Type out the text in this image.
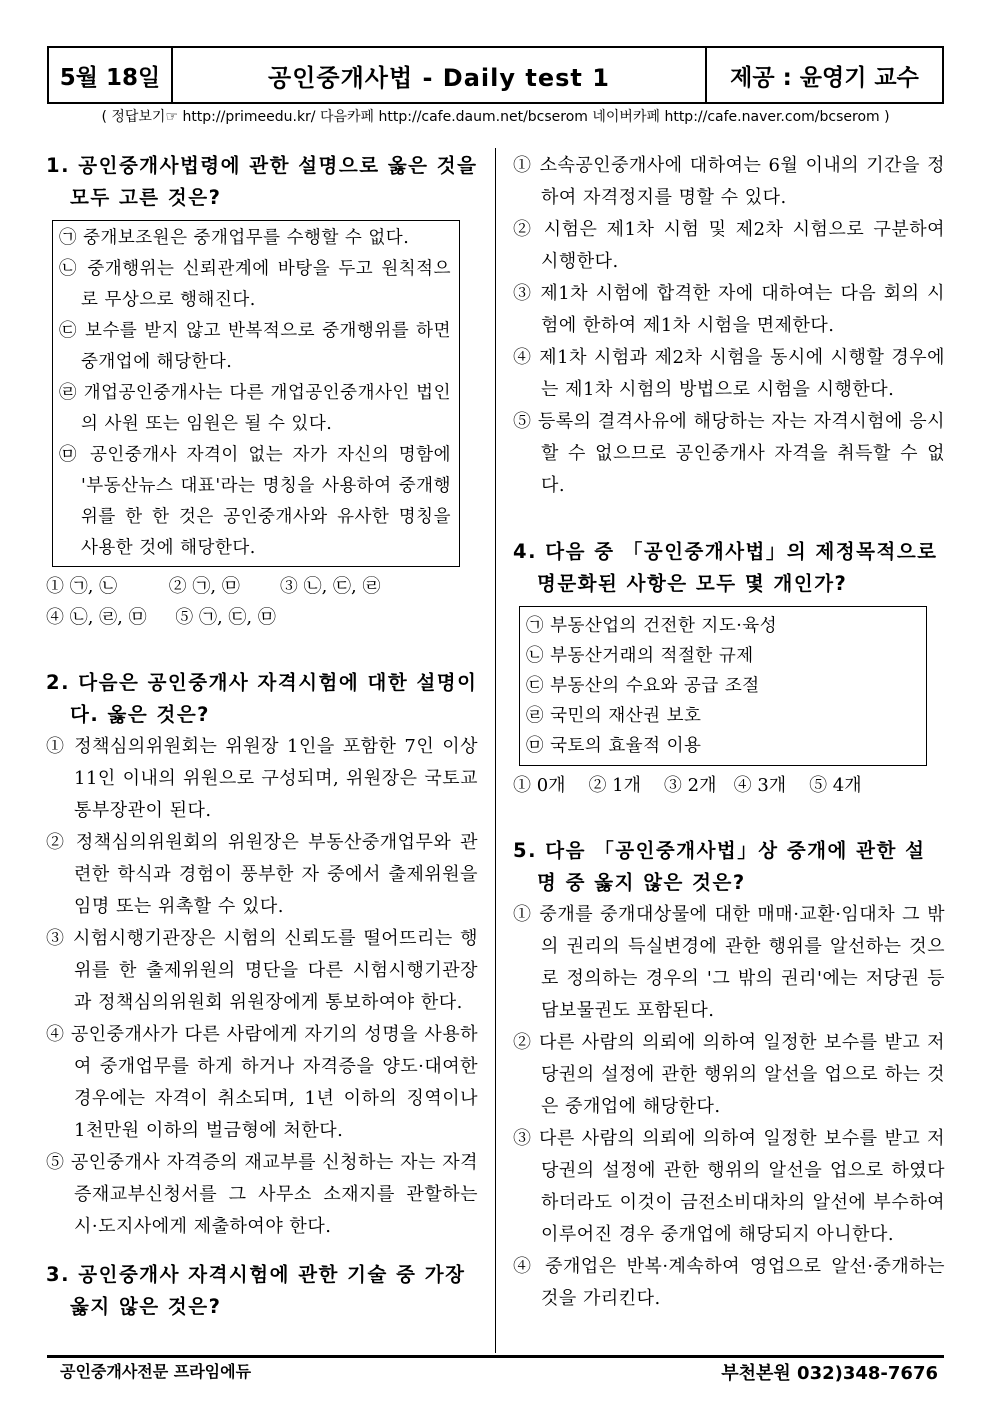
5월 18일	공인중개사법 - Daily test 1	제공 : 윤영기 교수
( 정답보기☞ http://primeedu.kr/ 다음카페 http://cafe.daum.net/bcserom 네이버카페 http://cafe.naver.com/bcserom )

1. 공인중개사법령에 관한 설명으로 옳은 것을 모두 고른 것은?

㉠ 중개보조원은 중개업무를 수행할 수 없다.

㉡ 중개행위는 신뢰관계에 바탕을 두고 원칙적으로 무상으로 행해진다.

㉢ 보수를 받지 않고 반복적으로 중개행위를 하면 중개업에 해당한다.

㉣ 개업공인중개사는 다른 개업공인중개사인 법인의 사원 또는 임원은 될 수 있다.

㉤ 공인중개사 자격이 없는 자가 자신의 명함에 '부동산뉴스 대표'라는 명칭을 사용하여 중개행위를 한 한 것은 공인중개사와 유사한 명칭을 사용한 것에 해당한다.

① ㉠, ㉡         ② ㉠, ㉤       ③ ㉡, ㉢, ㉣

④ ㉡, ㉣, ㉤     ⑤ ㉠, ㉢, ㉤

2. 다음은 공인중개사 자격시험에 대한 설명이다. 옳은 것은?

① 정책심의위원회는 위원장 1인을 포함한 7인 이상 11인 이내의 위원으로 구성되며, 위원장은 국토교통부장관이 된다.

② 정책심의위원회의 위원장은 부동산중개업무와 관련한 학식과 경험이 풍부한 자 중에서 출제위원을 임명 또는 위촉할 수 있다.

③ 시험시행기관장은 시험의 신뢰도를 떨어뜨리는 행위를 한 출제위원의 명단을 다른 시험시행기관장과 정책심의위원회 위원장에게 통보하여야 한다.

④ 공인중개사가 다른 사람에게 자기의 성명을 사용하여 중개업무를 하게 하거나 자격증을 양도·대여한 경우에는 자격이 취소되며, 1년 이하의 징역이나 1천만원 이하의 벌금형에 처한다.

⑤ 공인중개사 자격증의 재교부를 신청하는 자는 자격증재교부신청서를 그 사무소 소재지를 관할하는 시·도지사에게 제출하여야 한다.

3. 공인중개사 자격시험에 관한 기술 중 가장 옳지 않은 것은?

① 소속공인중개사에 대하여는 6월 이내의 기간을 정하여 자격정지를 명할 수 있다.

② 시험은 제1차 시험 및 제2차 시험으로 구분하여 시행한다.

③ 제1차 시험에 합격한 자에 대하여는 다음 회의 시험에 한하여 제1차 시험을 면제한다.

④ 제1차 시험과 제2차 시험을 동시에 시행할 경우에는 제1차 시험의 방법으로 시험을 시행한다.

⑤ 등록의 결격사유에 해당하는 자는 자격시험에 응시할 수 없으므로 공인중개사 자격을 취득할 수 없다.

4. 다음 중 「공인중개사법」의 제정목적으로 명문화된 사항은 모두 몇 개인가?

㉠ 부동산업의 건전한 지도·육성

㉡ 부동산거래의 적절한 규제

㉢ 부동산의 수요와 공급 조절

㉣ 국민의 재산권 보호

㉤ 국토의 효율적 이용

① 0개    ② 1개    ③ 2개   ④ 3개    ⑤ 4개

5. 다음 「공인중개사법」상 중개에 관한 설명 중 옳지 않은 것은?

① 중개를 중개대상물에 대한 매매·교환·임대차 그 밖의 권리의 득실변경에 관한 행위를 알선하는 것으로 정의하는 경우의 '그 밖의 권리'에는 저당권 등 담보물권도 포함된다.

② 다른 사람의 의뢰에 의하여 일정한 보수를 받고 저당권의 설정에 관한 행위의 알선을 업으로 하는 것은 중개업에 해당한다.

③ 다른 사람의 의뢰에 의하여 일정한 보수를 받고 저당권의 설정에 관한 행위의 알선을 업으로 하였다 하더라도 이것이 금전소비대차의 알선에 부수하여 이루어진 경우 중개업에 해당되지 아니한다.

④ 중개업은 반복·계속하여 영업으로 알선·중개하는 것을 가리킨다.

공인중개사전문 프라임에듀	부천본원 032)348-7676
